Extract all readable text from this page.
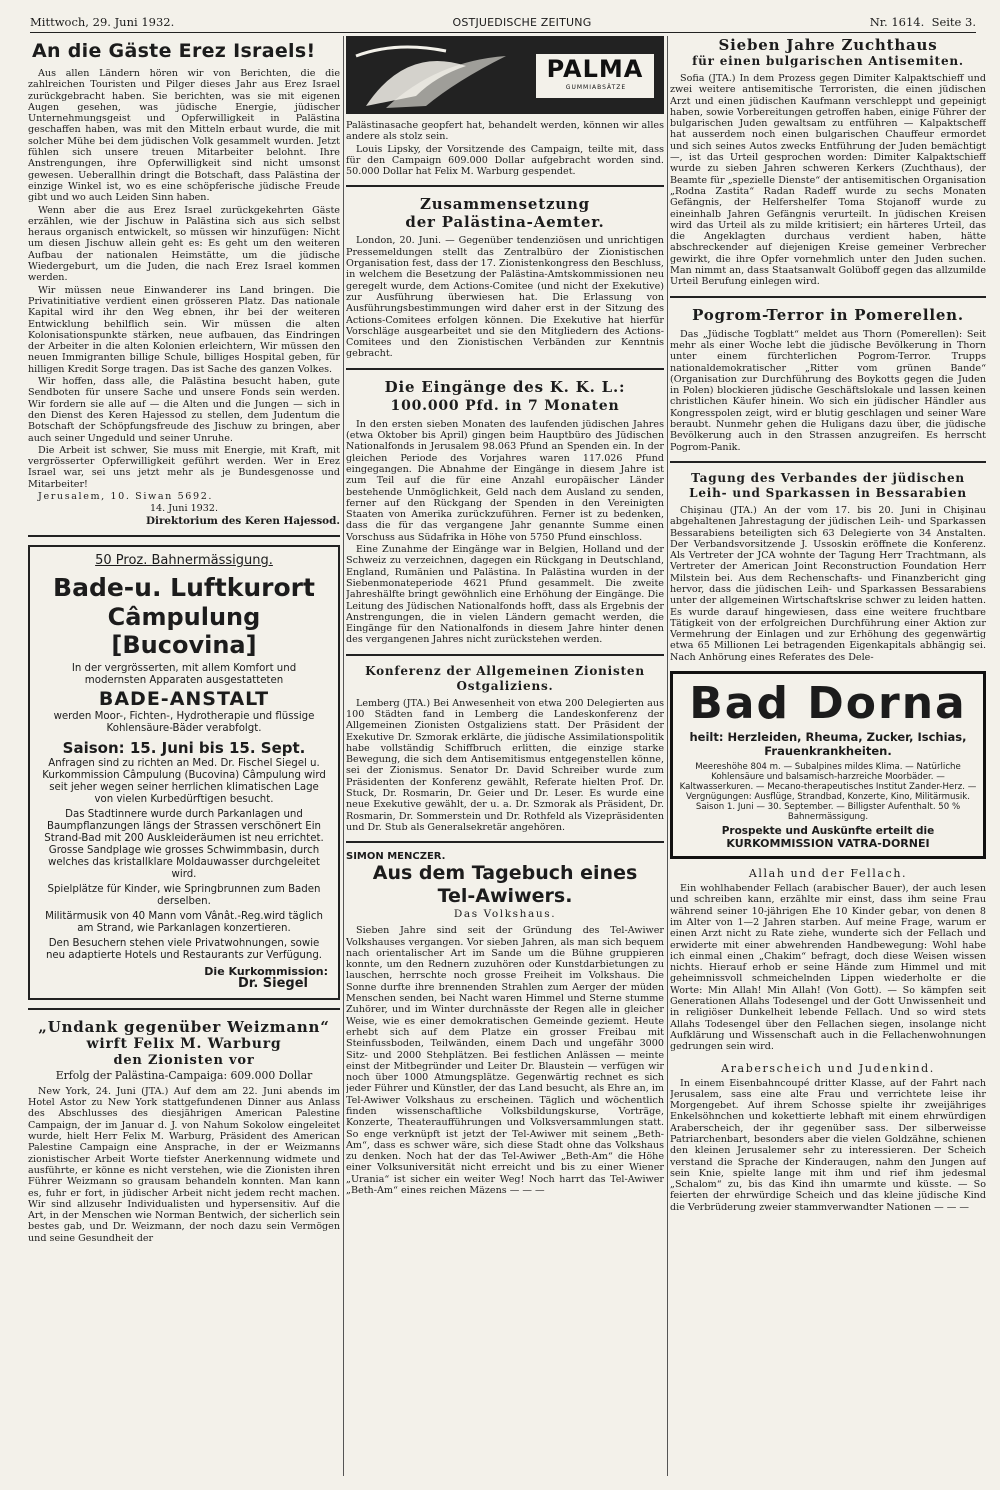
Mittwoch, 29. Juni 1932.	OSTJUEDISCHE ZEITUNG	Nr. 1614. Seite 3.
An die Gäste Erez Israels!

Aus allen Ländern hören wir von Berichten, die die zahlreichen Touristen und Pilger dieses Jahr aus Erez Israel zurückgebracht haben. Sie berichten, was sie mit eigenen Augen gesehen, was jüdische Energie, jüdischer Unternehmungsgeist und Opferwilligkeit in Palästina geschaffen haben, was mit den Mitteln erbaut wurde, die mit solcher Mühe bei dem jüdischen Volk gesammelt wurden. Jetzt fühlen sich unsere treuen Mitarbeiter belohnt. Ihre Anstrengungen, ihre Opferwilligkeit sind nicht umsonst gewesen. Ueberallhin dringt die Botschaft, dass Palästina der einzige Winkel ist, wo es eine schöpferische jüdische Freude gibt und wo auch Leiden Sinn haben.

Wenn aber die aus Erez Israel zurückgekehrten Gäste erzählen, wie der Jischuw in Palästina sich aus sich selbst heraus organisch entwickelt, so müssen wir hinzufügen: Nicht um diesen Jischuw allein geht es: Es geht um den weiteren Aufbau der nationalen Heimstätte, um die jüdische Wiedergeburt, um die Juden, die nach Erez Israel kommen werden.

Wir müssen neue Einwanderer ins Land bringen. Die Privatinitiative verdient einen grösseren Platz. Das nationale Kapital wird ihr den Weg ebnen, ihr bei der weiteren Entwicklung behilflich sein. Wir müssen die alten Kolonisationspunkte stärken, neue aufbauen, das Eindringen der Arbeiter in die alten Kolonien erleichtern, Wir müssen den neuen Immigranten billige Schule, billiges Hospital geben, für hilligen Kredit Sorge tragen. Das ist Sache des ganzen Volkes.

Wir hoffen, dass alle, die Palästina besucht haben, gute Sendboten für unsere Sache und unsere Fonds sein werden. Wir fordern sie alle auf — die Alten und die Jungen — sich in den Dienst des Keren Hajessod zu stellen, dem Judentum die Botschaft der Schöpfungsfreude des Jischuw zu bringen, aber auch seiner Ungeduld und seiner Unruhe.

Die Arbeit ist schwer, Sie muss mit Energie, mit Kraft, mit vergrösserter Opferwilligkeit geführt werden. Wer in Erez Israel war, sei uns jetzt mehr als je Bundesgenosse und Mitarbeiter!

Jerusalem, 10. Siwan 5692.

14. Juni 1932.

Direktorium des Keren Hajessod.

50 Proz. Bahnermässigung.
Bade-u. Luftkurort
Câmpulung [Bucovina]
In der vergrösserten, mit allem Komfort und modernsten Apparaten ausgestatteten
BADE-ANSTALT
werden Moor-, Fichten-, Hydrotherapie und flüssige Kohlensäure-Bäder verabfolgt.
Saison: 15. Juni bis 15. Sept.
Anfragen sind zu richten an Med. Dr. Fischel Siegel u. Kurkommission Câmpulung (Bucovina) Câmpulung wird seit jeher wegen seiner herrlichen klimatischen Lage von vielen Kurbedürftigen besucht.
Das Stadtinnere wurde durch Parkanlagen und Baumpflanzungen längs der Strassen verschönert Ein Strand-Bad mit 200 Auskleideräumen ist neu errichtet. Grosse Sandplage wie grosses Schwimmbasin, durch welches das kristallklare Moldauwasser durchgeleitet wird.
Spielplätze für Kinder, wie Springbrunnen zum Baden derselben.
Militärmusik von 40 Mann vom Vânât.-Reg.wird täglich am Strand, wie Parkanlagen konzertieren.
Den Besuchern stehen viele Privatwohnungen, sowie neu adaptierte Hotels und Restaurants zur Verfügung.
Die Kurkommission:
Dr. Siegel
„Undank gegenüber Weizmann“
wirft Felix M. Warburg
den Zionisten vor
Erfolg der Palästina-Campaiga: 609.000 Dollar

New York, 24. Juni (JTA.) Auf dem am 22. Juni abends im Hotel Astor zu New York stattgefundenen Dinner aus Anlass des Abschlusses des diesjährigen American Palestine Campaign, der im Januar d. J. von Nahum Sokolow eingeleitet wurde, hielt Herr Felix M. Warburg, Präsident des American Palestine Campaign eine Ansprache, in der er Weizmanns zionistischer Arbeit Worte tiefster Anerkennung widmete und ausführte, er könne es nicht verstehen, wie die Zionisten ihren Führer Weizmann so grausam behandeln konnten. Man kann es, fuhr er fort, in jüdischer Arbeit nicht jedem recht machen. Wir sind allzusehr Individualisten und hypersensitiv. Auf die Art, in der Menschen wie Norman Bentwich, der sicherlich sein bestes gab, und Dr. Weizmann, der noch dazu sein Vermögen und seine Gesundheit der

PALMA
GUMMIABSÄTZE

Palästinasache geopfert hat, behandelt werden, können wir alles andere als stolz sein.

Louis Lipsky, der Vorsitzende des Campaign, teilte mit, dass für den Campaign 609.000 Dollar aufgebracht worden sind. 50.000 Dollar hat Felix M. Warburg gespendet.

Zusammensetzung
der Palästina-Aemter.

London, 20. Juni. — Gegenüber tendenziösen und unrichtigen Pressemeldungen stellt das Zentralbüro der Zionistischen Organisation fest, dass der 17. Zionistenkongress den Beschluss, in welchem die Besetzung der Palästina-Amtskommissionen neu geregelt wurde, dem Actions-Comitee (und nicht der Exekutive) zur Ausführung überwiesen hat. Die Erlassung von Ausführungsbestimmungen wird daher erst in der Sitzung des Actions-Comitees erfolgen können. Die Exekutive hat hierfür Vorschläge ausgearbeitet und sie den Mitgliedern des Actions-Comitees und den Zionistischen Verbänden zur Kenntnis gebracht.

Die Eingänge des K. K. L.:
100.000 Pfd. in 7 Monaten

In den ersten sieben Monaten des laufenden jüdischen Jahres (etwa Oktober bis April) gingen beim Hauptbüro des Jüdischen Nationalfonds in Jerusalem 98.063 Pfund an Spenden ein. In der gleichen Periode des Vorjahres waren 117.026 Pfund eingegangen. Die Abnahme der Eingänge in diesem Jahre ist zum Teil auf die für eine Anzahl europäischer Länder bestehende Unmöglichkeit, Geld nach dem Ausland zu senden, ferner auf den Rückgang der Spenden in den Vereinigten Staaten von Amerika zurückzuführen. Ferner ist zu bedenken, dass die für das vergangene Jahr genannte Summe einen Vorschuss aus Südafrika in Höhe von 5750 Pfund einschloss.

Eine Zunahme der Eingänge war in Belgien, Holland und der Schweiz zu verzeichnen, dagegen ein Rückgang in Deutschland, England, Rumänien und Palästina. In Palästina wurden in der Siebenmonateperiode 4621 Pfund gesammelt. Die zweite Jahreshälfte bringt gewöhnlich eine Erhöhung der Eingänge. Die Leitung des Jüdischen Nationalfonds hofft, dass als Ergebnis der Anstrengungen, die in vielen Ländern gemacht werden, die Eingänge für den Nationalfonds in diesem Jahre hinter denen des vergangenen Jahres nicht zurückstehen werden.

Konferenz der Allgemeinen Zionisten
Ostgaliziens.

Lemberg (JTA.) Bei Anwesenheit von etwa 200 Delegierten aus 100 Städten fand in Lemberg die Landeskonferenz der Allgemeinen Zionisten Ostgaliziens statt. Der Präsident der Exekutive Dr. Szmorak erklärte, die jüdische Assimilationspolitik habe vollständig Schiffbruch erlitten, die einzige starke Bewegung, die sich dem Antisemitismus entgegenstellen könne, sei der Zionismus. Senator Dr. David Schreiber wurde zum Präsidenten der Konferenz gewählt, Referate hielten Prof. Dr. Stuck, Dr. Rosmarin, Dr. Geier und Dr. Leser. Es wurde eine neue Exekutive gewählt, der u. a. Dr. Szmorak als Präsident, Dr. Rosmarin, Dr. Sommerstein und Dr. Rothfeld als Vizepräsidenten und Dr. Stub als Generalsekretär angehören.

SIMON MENCZER.
Aus dem Tagebuch eines
Tel-Awiwers.
Das Volkshaus.

Sieben Jahre sind seit der Gründung des Tel-Awiwer Volkshauses vergangen. Vor sieben Jahren, als man sich bequem nach orientalischer Art im Sande um die Bühne gruppieren konnte, um den Rednern zuzuhören oder Kunstdarbietungen zu lauschen, herrschte noch grosse Freiheit im Volkshaus. Die Sonne durfte ihre brennenden Strahlen zum Aerger der müden Menschen senden, bei Nacht waren Himmel und Sterne stumme Zuhörer, und im Winter durchnässte der Regen alle in gleicher Weise, wie es einer demokratischen Gemeinde geziemt. Heute erhebt sich auf dem Platze ein grosser Freibau mit Steinfussboden, Teilwänden, einem Dach und ungefähr 3000 Sitz- und 2000 Stehplätzen. Bei festlichen Anlässen — meinte einst der Mitbegründer und Leiter Dr. Blaustein — verfügen wir noch über 1000 Atmungsplätze. Gegenwärtig rechnet es sich jeder Führer und Künstler, der das Land besucht, als Ehre an, im Tel-Awiwer Volkshaus zu erscheinen. Täglich und wöchentlich finden wissenschaftliche Volksbildungskurse, Vorträge, Konzerte, Theateraufführungen und Volksversammlungen statt. So enge verknüpft ist jetzt der Tel-Awiwer mit seinem „Beth-Am“, dass es schwer wäre, sich diese Stadt ohne das Volkshaus zu denken. Noch hat der das Tel-Awiwer „Beth-Am“ die Höhe einer Volksuniversität nicht erreicht und bis zu einer Wiener „Urania“ ist sicher ein weiter Weg! Noch harrt das Tel-Awiwer „Beth-Am“ eines reichen Mäzens — — —

Sieben Jahre Zuchthaus
für einen bulgarischen Antisemiten.

Sofia (JTA.) In dem Prozess gegen Dimiter Kalpaktschieff und zwei weitere antisemitische Terroristen, die einen jüdischen Arzt und einen jüdischen Kaufmann verschleppt und gepeinigt haben, sowie Vorbereitungen getroffen haben, einige Führer der bulgarischen Juden gewaltsam zu entführen — Kalpaktscheff hat ausserdem noch einen bulgarischen Chauffeur ermordet und sich seines Autos zwecks Entführung der Juden bemächtigt —, ist das Urteil gesprochen worden: Dimiter Kalpaktschieff wurde zu sieben Jahren schweren Kerkers (Zuchthaus), der Beamte für „spezielle Dienste“ der antisemitischen Organisation „Rodna Zastita“ Radan Radeff wurde zu sechs Monaten Gefängnis, der Helfershelfer Toma Stojanoff wurde zu eineinhalb Jahren Gefängnis verurteilt. In jüdischen Kreisen wird das Urteil als zu milde kritisiert; ein härteres Urteil, das die Angeklagten durchaus verdient haben, hätte abschreckender auf diejenigen Kreise gemeiner Verbrecher gewirkt, die ihre Opfer vornehmlich unter den Juden suchen. Man nimmt an, dass Staatsanwalt Golüboff gegen das allzumilde Urteil Berufung einlegen wird.

Pogrom-Terror in Pomerellen.

Das „Jüdische Togblatt“ meldet aus Thorn (Pomerellen): Seit mehr als einer Woche lebt die jüdische Bevölkerung in Thorn unter einem fürchterlichen Pogrom-Terror. Trupps nationaldemokratischer „Ritter vom grünen Bande“ (Organisation zur Durchführung des Boykotts gegen die Juden in Polen) blockieren jüdische Geschäftslokale und lassen keinen christlichen Käufer hinein. Wo sich ein jüdischer Händler aus Kongresspolen zeigt, wird er blutig geschlagen und seiner Ware beraubt. Nunmehr gehen die Huligans dazu über, die jüdische Bevölkerung auch in den Strassen anzugreifen. Es herrscht Pogrom-Panik.

Tagung des Verbandes der jüdischen
Leih- und Sparkassen in Bessarabien

Chişinau (JTA.) An der vom 17. bis 20. Juni in Chişinau abgehaltenen Jahrestagung der jüdischen Leih- und Sparkassen Bessarabiens beteiligten sich 63 Delegierte von 34 Anstalten. Der Verbandsvorsitzende J. Ussoskin eröffnete die Konferenz. Als Vertreter der JCA wohnte der Tagung Herr Trachtmann, als Vertreter der American Joint Reconstruction Foundation Herr Milstein bei. Aus dem Rechenschafts- und Finanzbericht ging hervor, dass die jüdischen Leih- und Sparkassen Bessarabiens unter der allgemeinen Wirtschaftskrise schwer zu leiden hatten. Es wurde darauf hingewiesen, dass eine weitere fruchtbare Tätigkeit von der erfolgreichen Durchführung einer Aktion zur Vermehrung der Einlagen und zur Erhöhung des gegenwärtig etwa 65 Millionen Lei betragenden Eigenkapitals abhängig sei. Nach Anhörung eines Referates des Dele-

Bad Dorna
heilt: Herzleiden, Rheuma, Zucker, Ischias,
Frauenkrankheiten.
Meereshöhe 804 m. — Subalpines mildes Klima. — Natürliche Kohlensäure und balsamisch-harzreiche Moorbäder. — Kaltwasserkuren. — Mecano-therapeutisches Institut Zander-Herz. — Vergnügungen: Ausflüge, Strandbad, Konzerte, Kino, Militärmusik.
Saison 1. Juni — 30. September. — Billigster Aufenthalt. 50 % Bahnermässigung.
Prospekte und Auskünfte erteilt die
KURKOMMISSION VATRA-DORNEI
Allah und der Fellach.

Ein wohlhabender Fellach (arabischer Bauer), der auch lesen und schreiben kann, erzählte mir einst, dass ihm seine Frau während seiner 10-jährigen Ehe 10 Kinder gebar, von denen 8 im Alter von 1—2 Jahren starben. Auf meine Frage, warum er einen Arzt nicht zu Rate ziehe, wunderte sich der Fellach und erwiderte mit einer abwehrenden Handbewegung: Wohl habe ich einmal einen „Chakim“ befragt, doch diese Weisen wissen nichts. Hierauf erhob er seine Hände zum Himmel und mit geheimnissvoll schmeichelnden Lippen wiederholte er die Worte: Min Allah! Min Allah! (Von Gott). — So kämpfen seit Generationen Allahs Todesengel und der Gott Unwissenheit und in religiöser Dunkelheit lebende Fellach. Und so wird stets Allahs Todesengel über den Fellachen siegen, insolange nicht Aufklärung und Wissenschaft auch in die Fellachenwohnungen gedrungen sein wird.

Araberscheich und Judenkind.

In einem Eisenbahncoupé dritter Klasse, auf der Fahrt nach Jerusalem, sass eine alte Frau und verrichtete leise ihr Morgengebet. Auf ihrem Schosse spielte ihr zweijähriges Enkelsöhnchen und kokettierte lebhaft mit einem ehrwürdigen Araberscheich, der ihr gegenüber sass. Der silberweisse Patriarchenbart, besonders aber die vielen Goldzähne, schienen den kleinen Jerusalemer sehr zu interessieren. Der Scheich verstand die Sprache der Kinderaugen, nahm den Jungen auf sein Knie, spielte lange mit ihm und rief ihm jedesmal „Schalom“ zu, bis das Kind ihn umarmte und küsste. — So feierten der ehrwürdige Scheich und das kleine jüdische Kind die Verbrüderung zweier stammverwandter Nationen — — —
